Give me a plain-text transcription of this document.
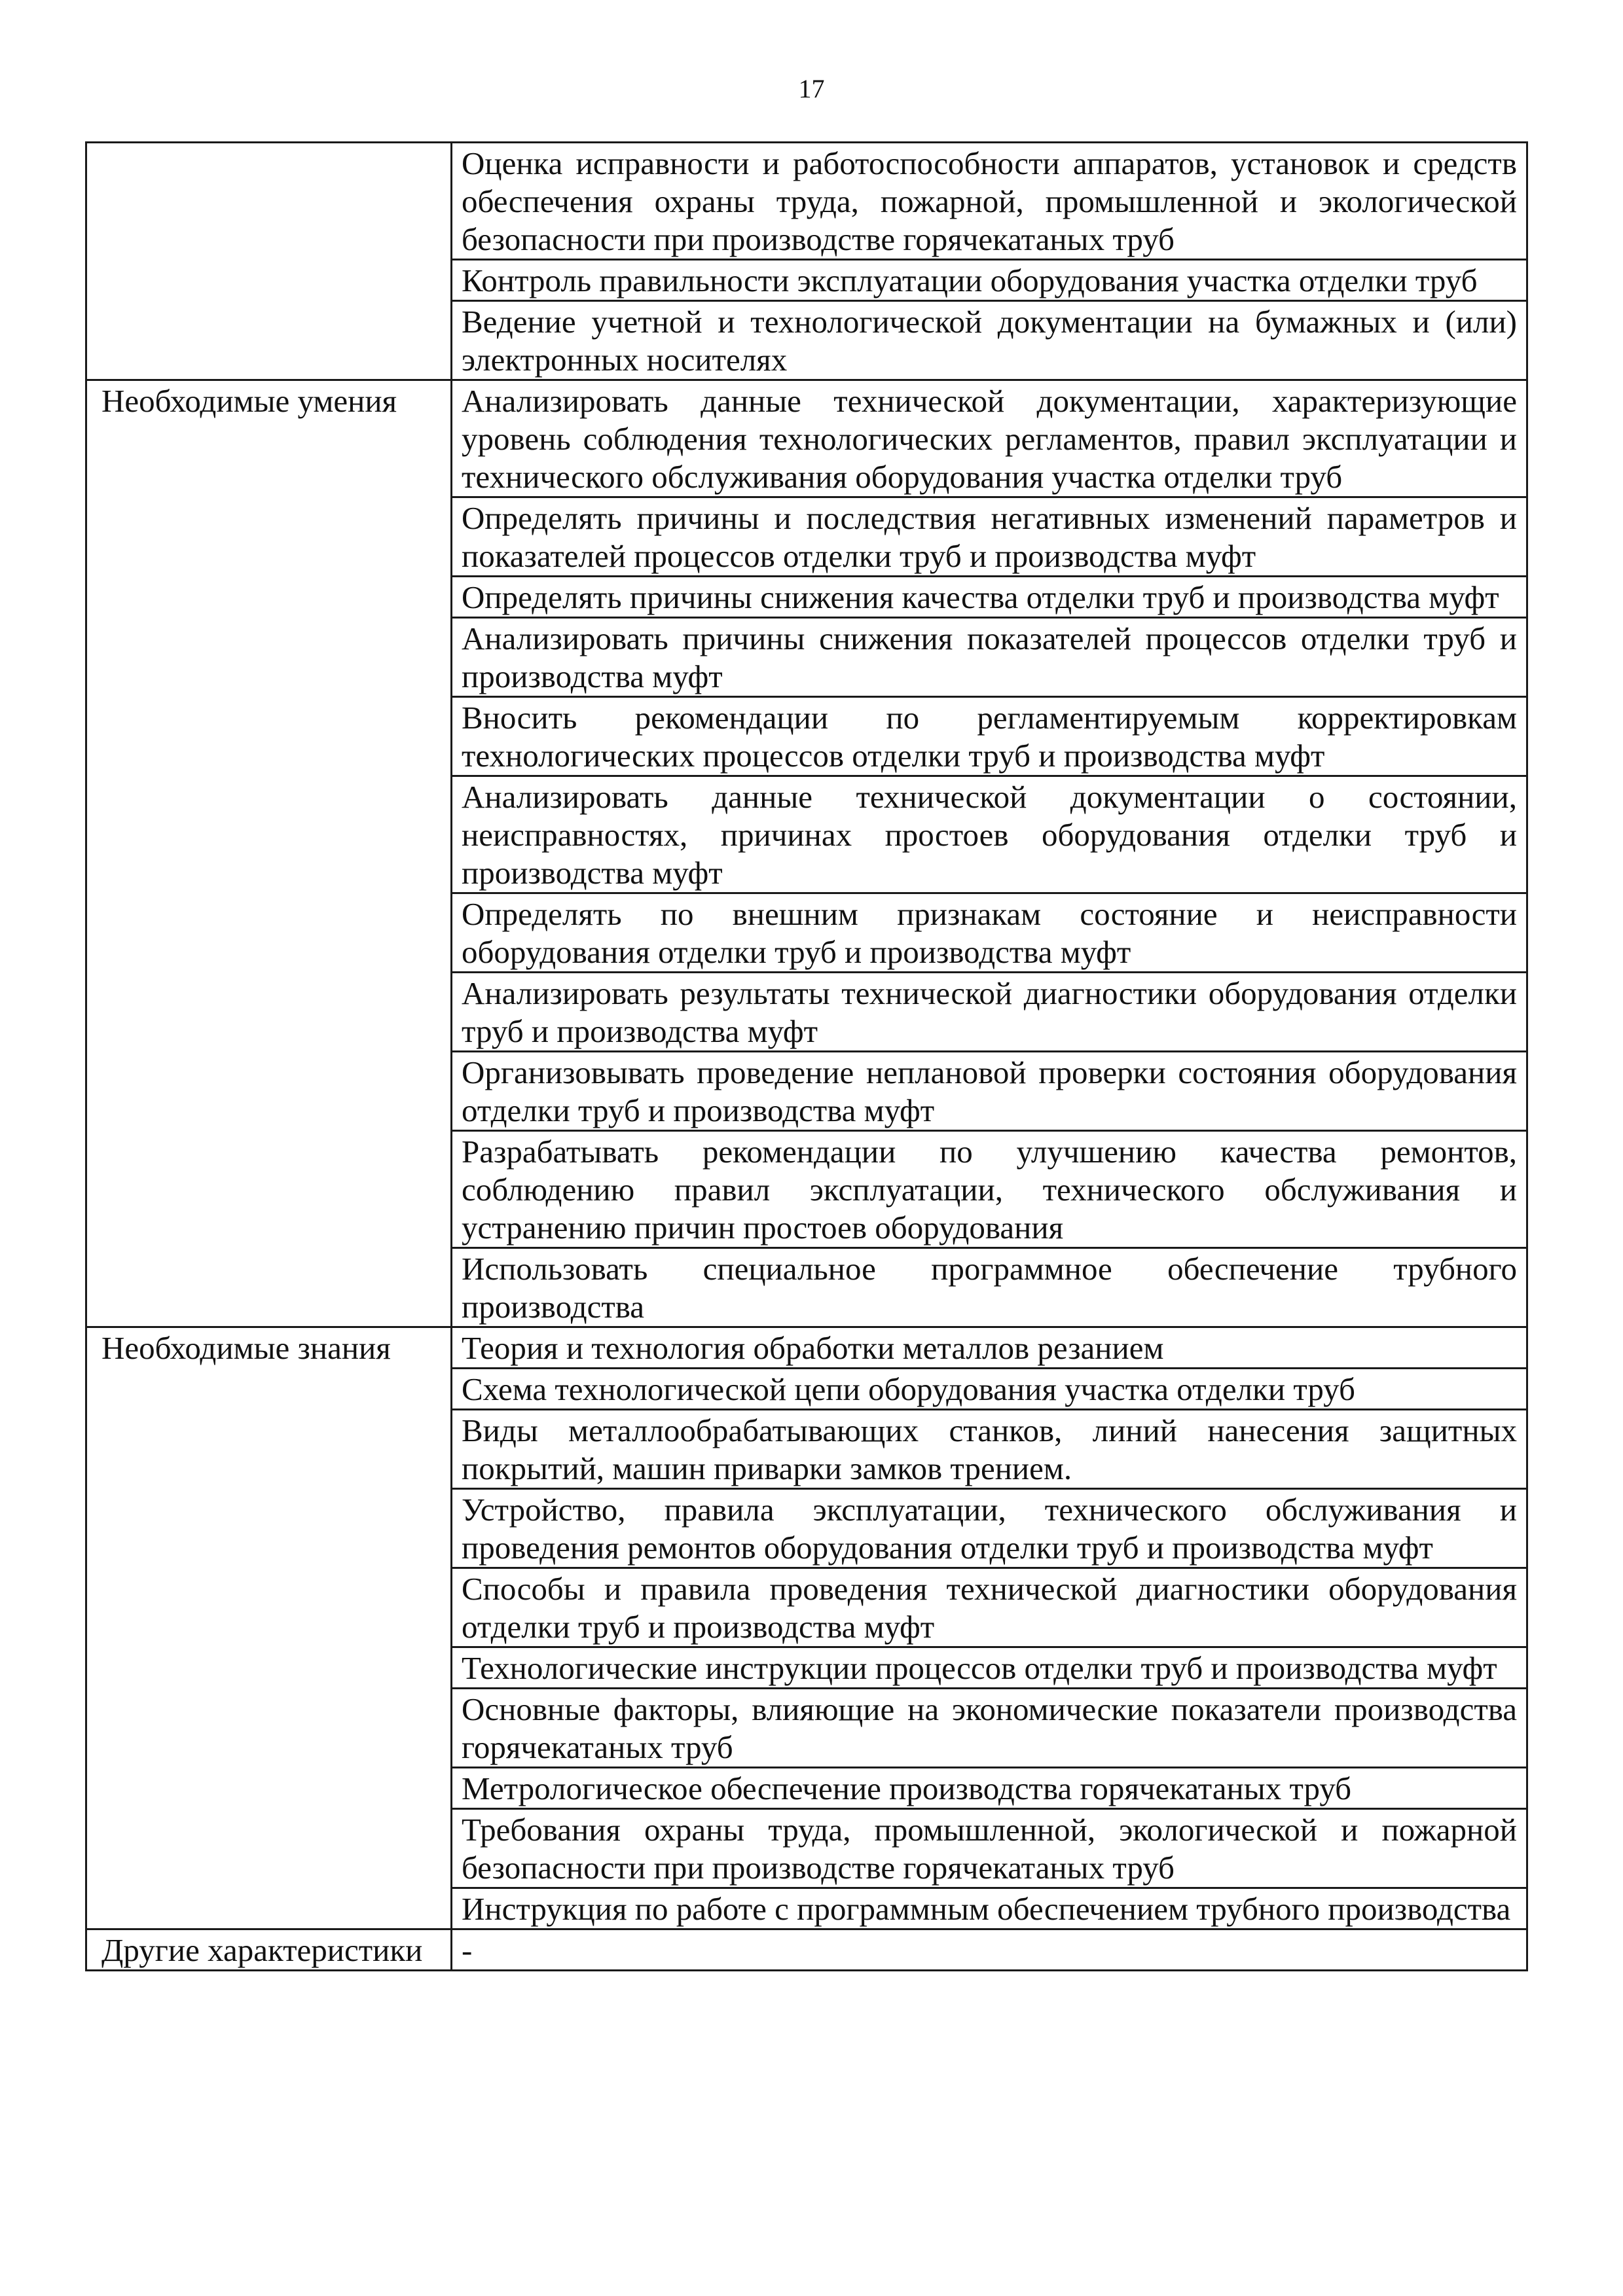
17
	Оценка исправности и работоспособности аппаратов, установок и средств обеспечения охраны труда, пожарной, промышленной и экологической безопасности при производстве горячекатаных труб
	Контроль правильности эксплуатации оборудования участка отделки труб
	Ведение учетной и технологической документации на бумажных и (или) электронных носителях
Необходимые умения	Анализировать данные технической документации, характеризующие уровень соблюдения технологических регламентов, правил эксплуатации и технического обслуживания оборудования участка отделки труб
	Определять причины и последствия негативных изменений параметров и показателей процессов отделки труб и производства муфт
	Определять причины снижения качества отделки труб и производства муфт
	Анализировать причины снижения показателей процессов отделки труб и производства муфт
	Вносить рекомендации по регламентируемым корректировкам технологических процессов отделки труб и производства муфт
	Анализировать данные технической документации о состоянии, неисправностях, причинах простоев оборудования отделки труб и производства муфт
	Определять по внешним признакам состояние и неисправности оборудования отделки труб и производства муфт
	Анализировать результаты технической диагностики оборудования отделки труб и производства муфт
	Организовывать проведение неплановой проверки состояния оборудования отделки труб и производства муфт
	Разрабатывать рекомендации по улучшению качества ремонтов, соблюдению правил эксплуатации, технического обслуживания и устранению причин простоев оборудования
	Использовать специальное программное обеспечение трубного производства
Необходимые знания	Теория и технология обработки металлов резанием
	Схема технологической цепи оборудования участка отделки труб
	Виды металлообрабатывающих станков, линий нанесения защитных покрытий, машин приварки замков трением.
	Устройство, правила эксплуатации, технического обслуживания и проведения ремонтов оборудования отделки труб и производства муфт
	Способы и правила проведения технической диагностики оборудования отделки труб и производства муфт
	Технологические инструкции процессов отделки труб и производства муфт
	Основные факторы, влияющие на экономические показатели производства горячекатаных труб
	Метрологическое обеспечение производства горячекатаных труб
	Требования охраны труда, промышленной, экологической и пожарной безопасности при производстве горячекатаных труб
	Инструкция по работе с программным обеспечением трубного производства
Другие характеристики	-
